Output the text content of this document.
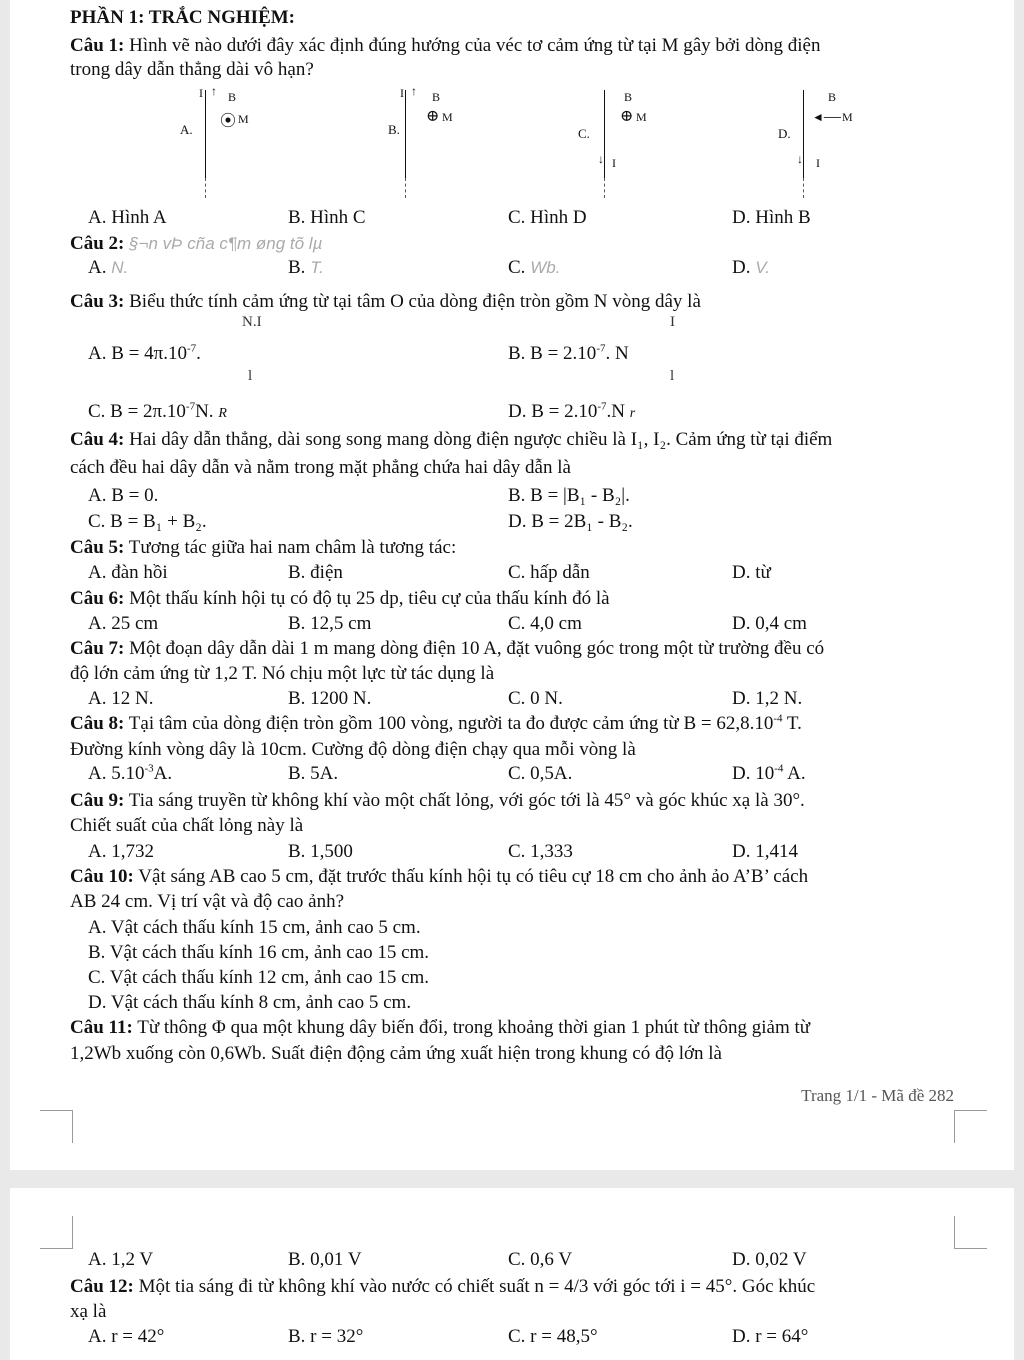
PHẦN 1: TRẮC NGHIỆM:
Câu 1: Hình vẽ nào dưới đây xác định đúng hướng của véc tơ cảm ứng từ tại M gây bởi dòng điện
trong dây dẫn thẳng dài vô hạn?
A.
I ↑ B
⦿ M
B.
I ↑ B
⊕ M
C.
B
↓ I
⊕ M
D.
B
↓ I
◄── M
A. Hình A	B. Hình C	C. Hình D	D. Hình B
Câu 2: §¬n vÞ cña c¶m øng tõ lµ
A. N.	B. T.	C. Wb.	D. V.
Câu 3: Biểu thức tính cảm ứng từ tại tâm O của dòng điện tròn gồm N vòng dây là
N.I
A. $B = 4\pi.10^{-7}$.
l
I
B. $B = 2.10^{-7}$. N
l
C. $B = 2\pi.10^{-7}N$. R	D. $B = 2.10^{-7}.N$ r
Câu 4: Hai dây dẫn thẳng, dài song song mang dòng điện ngược chiều là I₁, I₂. Cảm ứng từ tại điểm
cách đều hai dây dẫn và nằm trong mặt phẳng chứa hai dây dẫn là
A. B = 0.	B. B = |B₁ - B₂|.
C. B = B₁ + B₂.	D. B = 2B₁ - B₂.
Câu 5: Tương tác giữa hai nam châm là tương tác:
A. đàn hồi	B. điện	C. hấp dẫn	D. từ
Câu 6: Một thấu kính hội tụ có độ tụ 25 dp, tiêu cự của thấu kính đó là
A. 25 cm	B. 12,5 cm	C. 4,0 cm	D. 0,4 cm
Câu 7: Một đoạn dây dẫn dài 1 m mang dòng điện 10 A, đặt vuông góc trong một từ trường đều có
độ lớn cảm ứng từ 1,2 T. Nó chịu một lực từ tác dụng là
A. 12 N.	B. 1200 N.	C. 0 N.	D. 1,2 N.
Câu 8: Tại tâm của dòng điện tròn gồm 100 vòng, người ta đo được cảm ứng từ $B = 62,8.10^{-4}$ T.
Đường kính vòng dây là 10cm. Cường độ dòng điện chạy qua mỗi vòng là
A. $5.10^{-3}A$.	B. 5A.	C. 0,5A.	D. $10^{-4}$ A.
Câu 9: Tia sáng truyền từ không khí vào một chất lỏng, với góc tới là 45° và góc khúc xạ là 30°.
Chiết suất của chất lỏng này là
A. 1,732	B. 1,500	C. 1,333	D. 1,414
Câu 10: Vật sáng AB cao 5 cm, đặt trước thấu kính hội tụ có tiêu cự 18 cm cho ảnh ảo A’B’ cách
AB 24 cm. Vị trí vật và độ cao ảnh?
A. Vật cách thấu kính 15 cm, ảnh cao 5 cm.
B. Vật cách thấu kính 16 cm, ảnh cao 15 cm.
C. Vật cách thấu kính 12 cm, ảnh cao 15 cm.
D. Vật cách thấu kính 8 cm, ảnh cao 5 cm.
Câu 11: Từ thông Φ qua một khung dây biến đổi, trong khoảng thời gian 1 phút từ thông giảm từ
1,2Wb xuống còn 0,6Wb. Suất điện động cảm ứng xuất hiện trong khung có độ lớn là
Trang 1/1 - Mã đề 282
A. 1,2 V	B. 0,01 V	C. 0,6 V	D. 0,02 V
Câu 12: Một tia sáng đi từ không khí vào nước có chiết suất n = 4/3 với góc tới i = 45°. Góc khúc
xạ là
A. r = 42°	B. r = 32°	C. r = 48,5°	D. r = 64°
